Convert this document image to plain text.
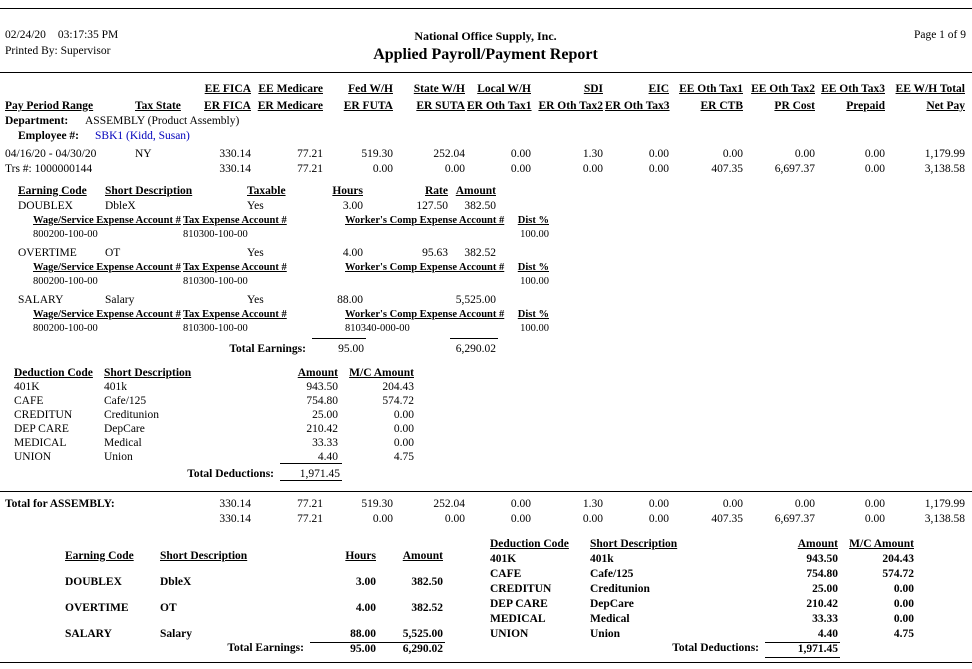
02/24/20 03:17:35 PM
Printed By: Supervisor
National Office Supply, Inc.
Applied Payroll/Payment Report
Page 1 of 9
		EE FICA	EE Medicare	Fed W/H	State W/H	Local W/H	SDI	EIC	EE Oth Tax1	EE Oth Tax2	EE Oth Tax3	EE W/H Total
Pay Period Range	Tax State	ER FICA	ER Medicare	ER FUTA	ER SUTA	ER Oth Tax1	ER Oth Tax2	ER Oth Tax3	ER CTB	PR Cost	Prepaid	Net Pay
Department: ASSEMBLY (Product Assembly)
Employee #: SBK1 (Kidd, Susan)
04/16/20 - 04/30/20	NY	330.14	77.21	519.30	252.04	0.00	1.30	0.00	0.00	0.00	0.00	1,179.99
Trs #: 1000000144		330.14	77.21	0.00	0.00	0.00	0.00	0.00	407.35	6,697.37	0.00	3,138.58
Earning Code	Short Description	Taxable	Hours	Rate	Amount
DOUBLEX	DbleX	Yes	3.00	127.50	382.50
Wage/Service Expense Account #	Tax Expense Account #	Worker's Comp Expense Account #	Dist %
800200-100-00	810300-100-00		100.00
OVERTIME	OT	Yes	4.00	95.63	382.52
Wage/Service Expense Account #	Tax Expense Account #	Worker's Comp Expense Account #	Dist %
800200-100-00	810300-100-00		100.00
SALARY	Salary	Yes	88.00		5,525.00
Wage/Service Expense Account #	Tax Expense Account #	Worker's Comp Expense Account #	Dist %
800200-100-00	810300-100-00	810340-000-00	100.00
Total Earnings:	95.00		6,290.02
Deduction Code	Short Description	Amount	M/C Amount
401K	401k	943.50	204.43
CAFE	Cafe/125	754.80	574.72
CREDITUN	Creditunion	25.00	0.00
DEP CARE	DepCare	210.42	0.00
MEDICAL	Medical	33.33	0.00
UNION	Union	4.40	4.75
Total Deductions:	1,971.45	
Total for ASSEMBLY:	330.14	77.21	519.30	252.04	0.00	1.30	0.00	0.00	0.00	0.00	1,179.99
	330.14	77.21	0.00	0.00	0.00	0.00	0.00	407.35	6,697.37	0.00	3,138.58
Earning Code	Short Description	Hours	Amount
DOUBLEX	DbleX	3.00	382.50
OVERTIME	OT	4.00	382.52
SALARY	Salary	88.00	5,525.00
Deduction Code	Short Description	Amount	M/C Amount
401K	401k	943.50	204.43
CAFE	Cafe/125	754.80	574.72
CREDITUN	Creditunion	25.00	0.00
DEP CARE	DepCare	210.42	0.00
MEDICAL	Medical	33.33	0.00
UNION	Union	4.40	4.75
Total Earnings:	95.00 6,290.02	Total Deductions:	1,971.45
